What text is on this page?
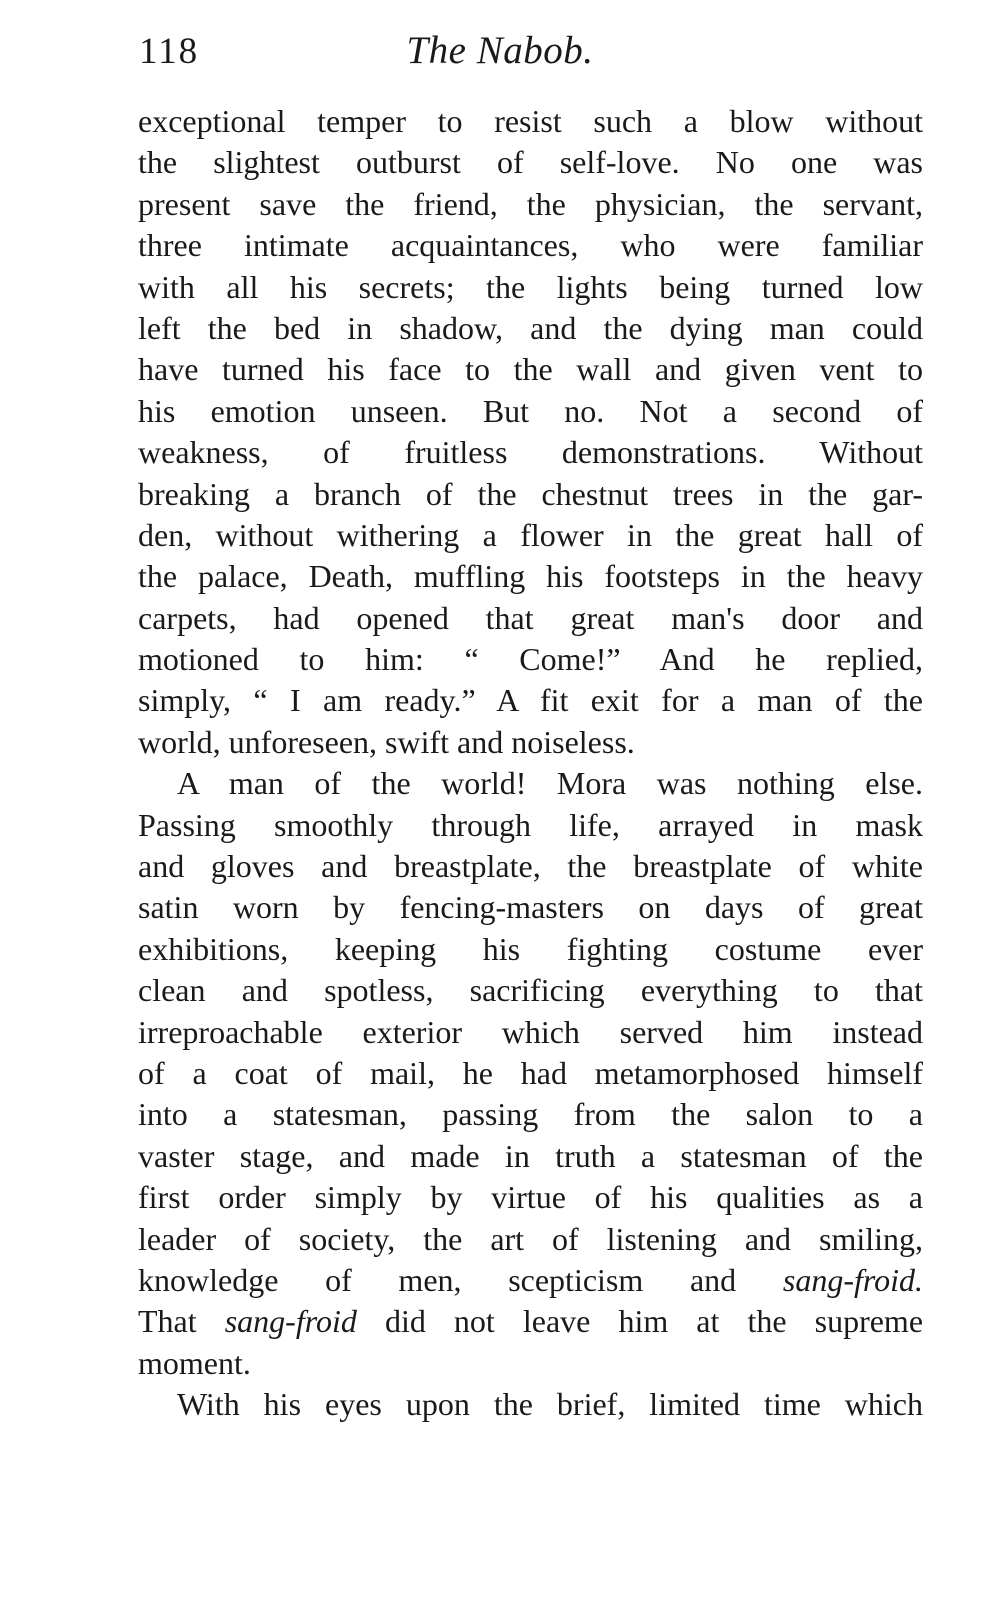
118	The Nabob.
exceptional temper to resist such a blow without
the slightest outburst of self-love. No one was
present save the friend, the physician, the servant,
three intimate acquaintances, who were familiar
with all his secrets; the lights being turned low
left the bed in shadow, and the dying man could
have turned his face to the wall and given vent to
his emotion unseen. But no. Not a second of
weakness, of fruitless demonstrations. Without
breaking a branch of the chestnut trees in the gar-
den, without withering a flower in the great hall of
the palace, Death, muffling his footsteps in the heavy
carpets, had opened that great man's door and
motioned to him: “ Come!” And he replied,
simply, “ I am ready.” A fit exit for a man of the
world, unforeseen, swift and noiseless.
A man of the world! Mora was nothing else.
Passing smoothly through life, arrayed in mask
and gloves and breastplate, the breastplate of white
satin worn by fencing-masters on days of great
exhibitions, keeping his fighting costume ever
clean and spotless, sacrificing everything to that
irreproachable exterior which served him instead
of a coat of mail, he had metamorphosed himself
into a statesman, passing from the salon to a
vaster stage, and made in truth a statesman of the
first order simply by virtue of his qualities as a
leader of society, the art of listening and smiling,
knowledge of men, scepticism and sang-froid.
That sang-froid did not leave him at the supreme
moment.
With his eyes upon the brief, limited time which
